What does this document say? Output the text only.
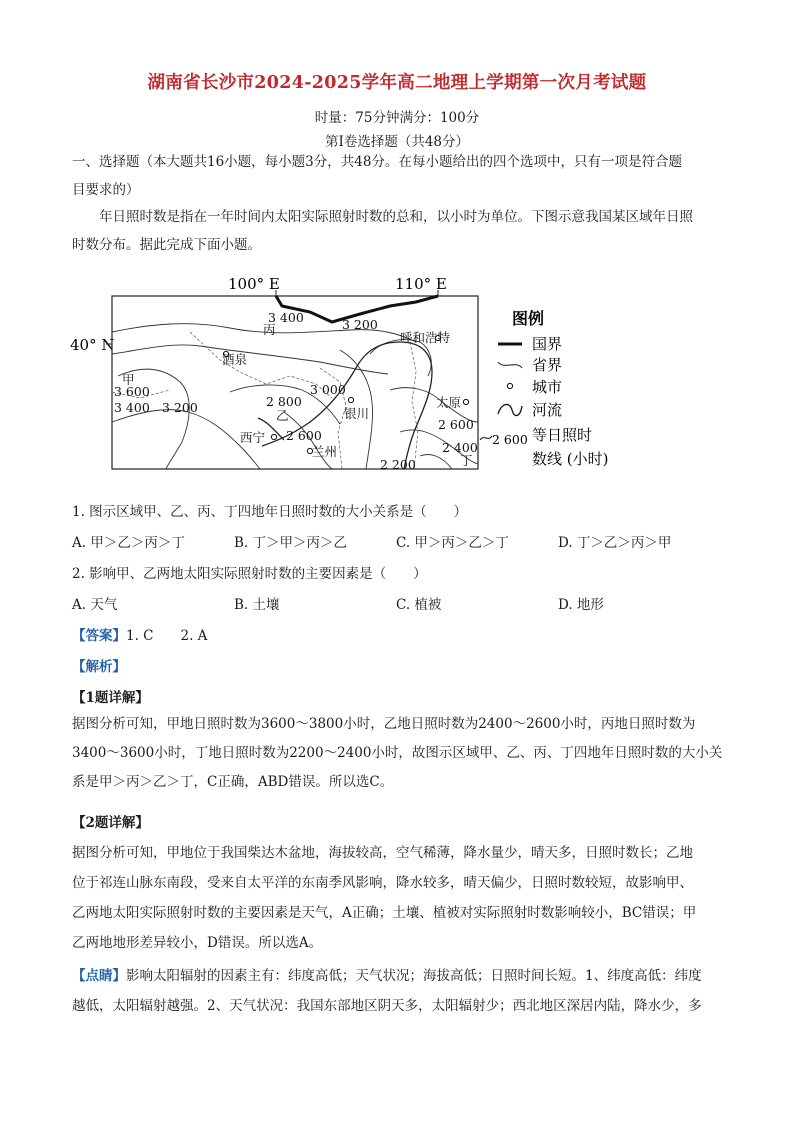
湖南省长沙市2024-2025学年高二地理上学期第一次月考试题
时量：75分钟满分：100分
第Ⅰ卷选择题（共48分）
一、选择题（本大题共16小题，每小题3分，共48分。在每小题给出的四个选项中，只有一项是符合题
目要求的）
年日照时数是指在一年时间内太阳实际照射时数的总和，以小时为单位。下图示意我国某区域年日照
时数分布。据此完成下面小题。
100° E	110° E
40° N
3 400
丙	3 200
呼和浩特
酒泉
甲
3 600
3 400 3 200
3 000
2 800
银川
太原
乙
2 600
2 600
西宁
兰州	2 400
丁
2 200
图例
国界
省界
城市
河流
2 600 等日照时
数线 (小时)
1. 图示区域甲、乙、丙、丁四地年日照时数的大小关系是（　　）
A. 甲＞乙＞丙＞丁	B. 丁＞甲＞丙＞乙	C. 甲＞丙＞乙＞丁	D. 丁＞乙＞丙＞甲
2. 影响甲、乙两地太阳实际照射时数的主要因素是（　　）
A. 天气	B. 土壤	C. 植被	D. 地形
【答案】1. C　　2. A
【解析】
【1题详解】
据图分析可知，甲地日照时数为3600～3800小时，乙地日照时数为2400～2600小时，丙地日照时数为
3400～3600小时，丁地日照时数为2200～2400小时，故图示区域甲、乙、丙、丁四地年日照时数的大小关
系是甲＞丙＞乙＞丁，C正确，ABD错误。所以选C。
【2题详解】
据图分析可知，甲地位于我国柴达木盆地，海拔较高，空气稀薄，降水量少，晴天多，日照时数长；乙地
位于祁连山脉东南段，受来自太平洋的东南季风影响，降水较多，晴天偏少，日照时数较短，故影响甲、
乙两地太阳实际照射时数的主要因素是天气，A正确；土壤、植被对实际照射时数影响较小，BC错误；甲
乙两地地形差异较小，D错误。所以选A。
【点睛】影响太阳辐射的因素主有：纬度高低；天气状况；海拔高低；日照时间长短。1、纬度高低：纬度
越低，太阳辐射越强。2、天气状况：我国东部地区阴天多，太阳辐射少；西北地区深居内陆，降水少，多
